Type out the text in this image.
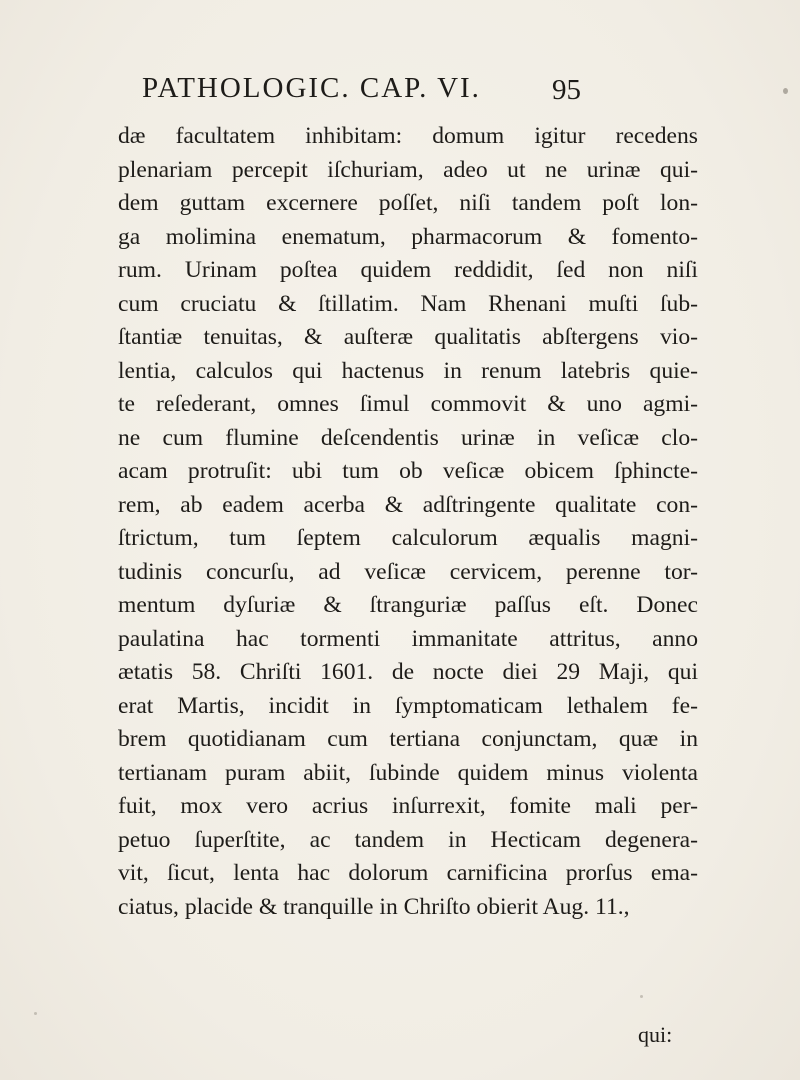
PATHOLOGIC. CAP. VI. 95
dæ facultatem inhibitam: domum igitur recedens
plenariam percepit iſchuriam, adeo ut ne urinæ qui-
dem guttam excernere poſſet, niſi tandem poſt lon-
ga molimina enematum, pharmacorum & fomento-
rum. Urinam poſtea quidem reddidit, ſed non niſi
cum cruciatu & ſtillatim. Nam Rhenani muſti ſub-
ſtantiæ tenuitas, & auſteræ qualitatis abſtergens vio-
lentia, calculos qui hactenus in renum latebris quie-
te reſederant, omnes ſimul commovit & uno agmi-
ne cum flumine deſcendentis urinæ in veſicæ clo-
acam protruſit: ubi tum ob veſicæ obicem ſphincte-
rem, ab eadem acerba & adſtringente qualitate con-
ſtrictum, tum ſeptem calculorum æqualis magni-
tudinis concurſu, ad veſicæ cervicem, perenne tor-
mentum dyſuriæ & ſtranguriæ paſſus eſt. Donec
paulatina hac tormenti immanitate attritus, anno
ætatis 58. Chriſti 1601. de nocte diei 29 Maji, qui
erat Martis, incidit in ſymptomaticam lethalem fe-
brem quotidianam cum tertiana conjunctam, quæ in
tertianam puram abiit, ſubinde quidem minus violenta
fuit, mox vero acrius inſurrexit, fomite mali per-
petuo ſuperſtite, ac tandem in Hecticam degenera-
vit, ſicut, lenta hac dolorum carnificina prorſus ema-
ciatus, placide & tranquille in Chriſto obierit Aug. 11.,
qui:
